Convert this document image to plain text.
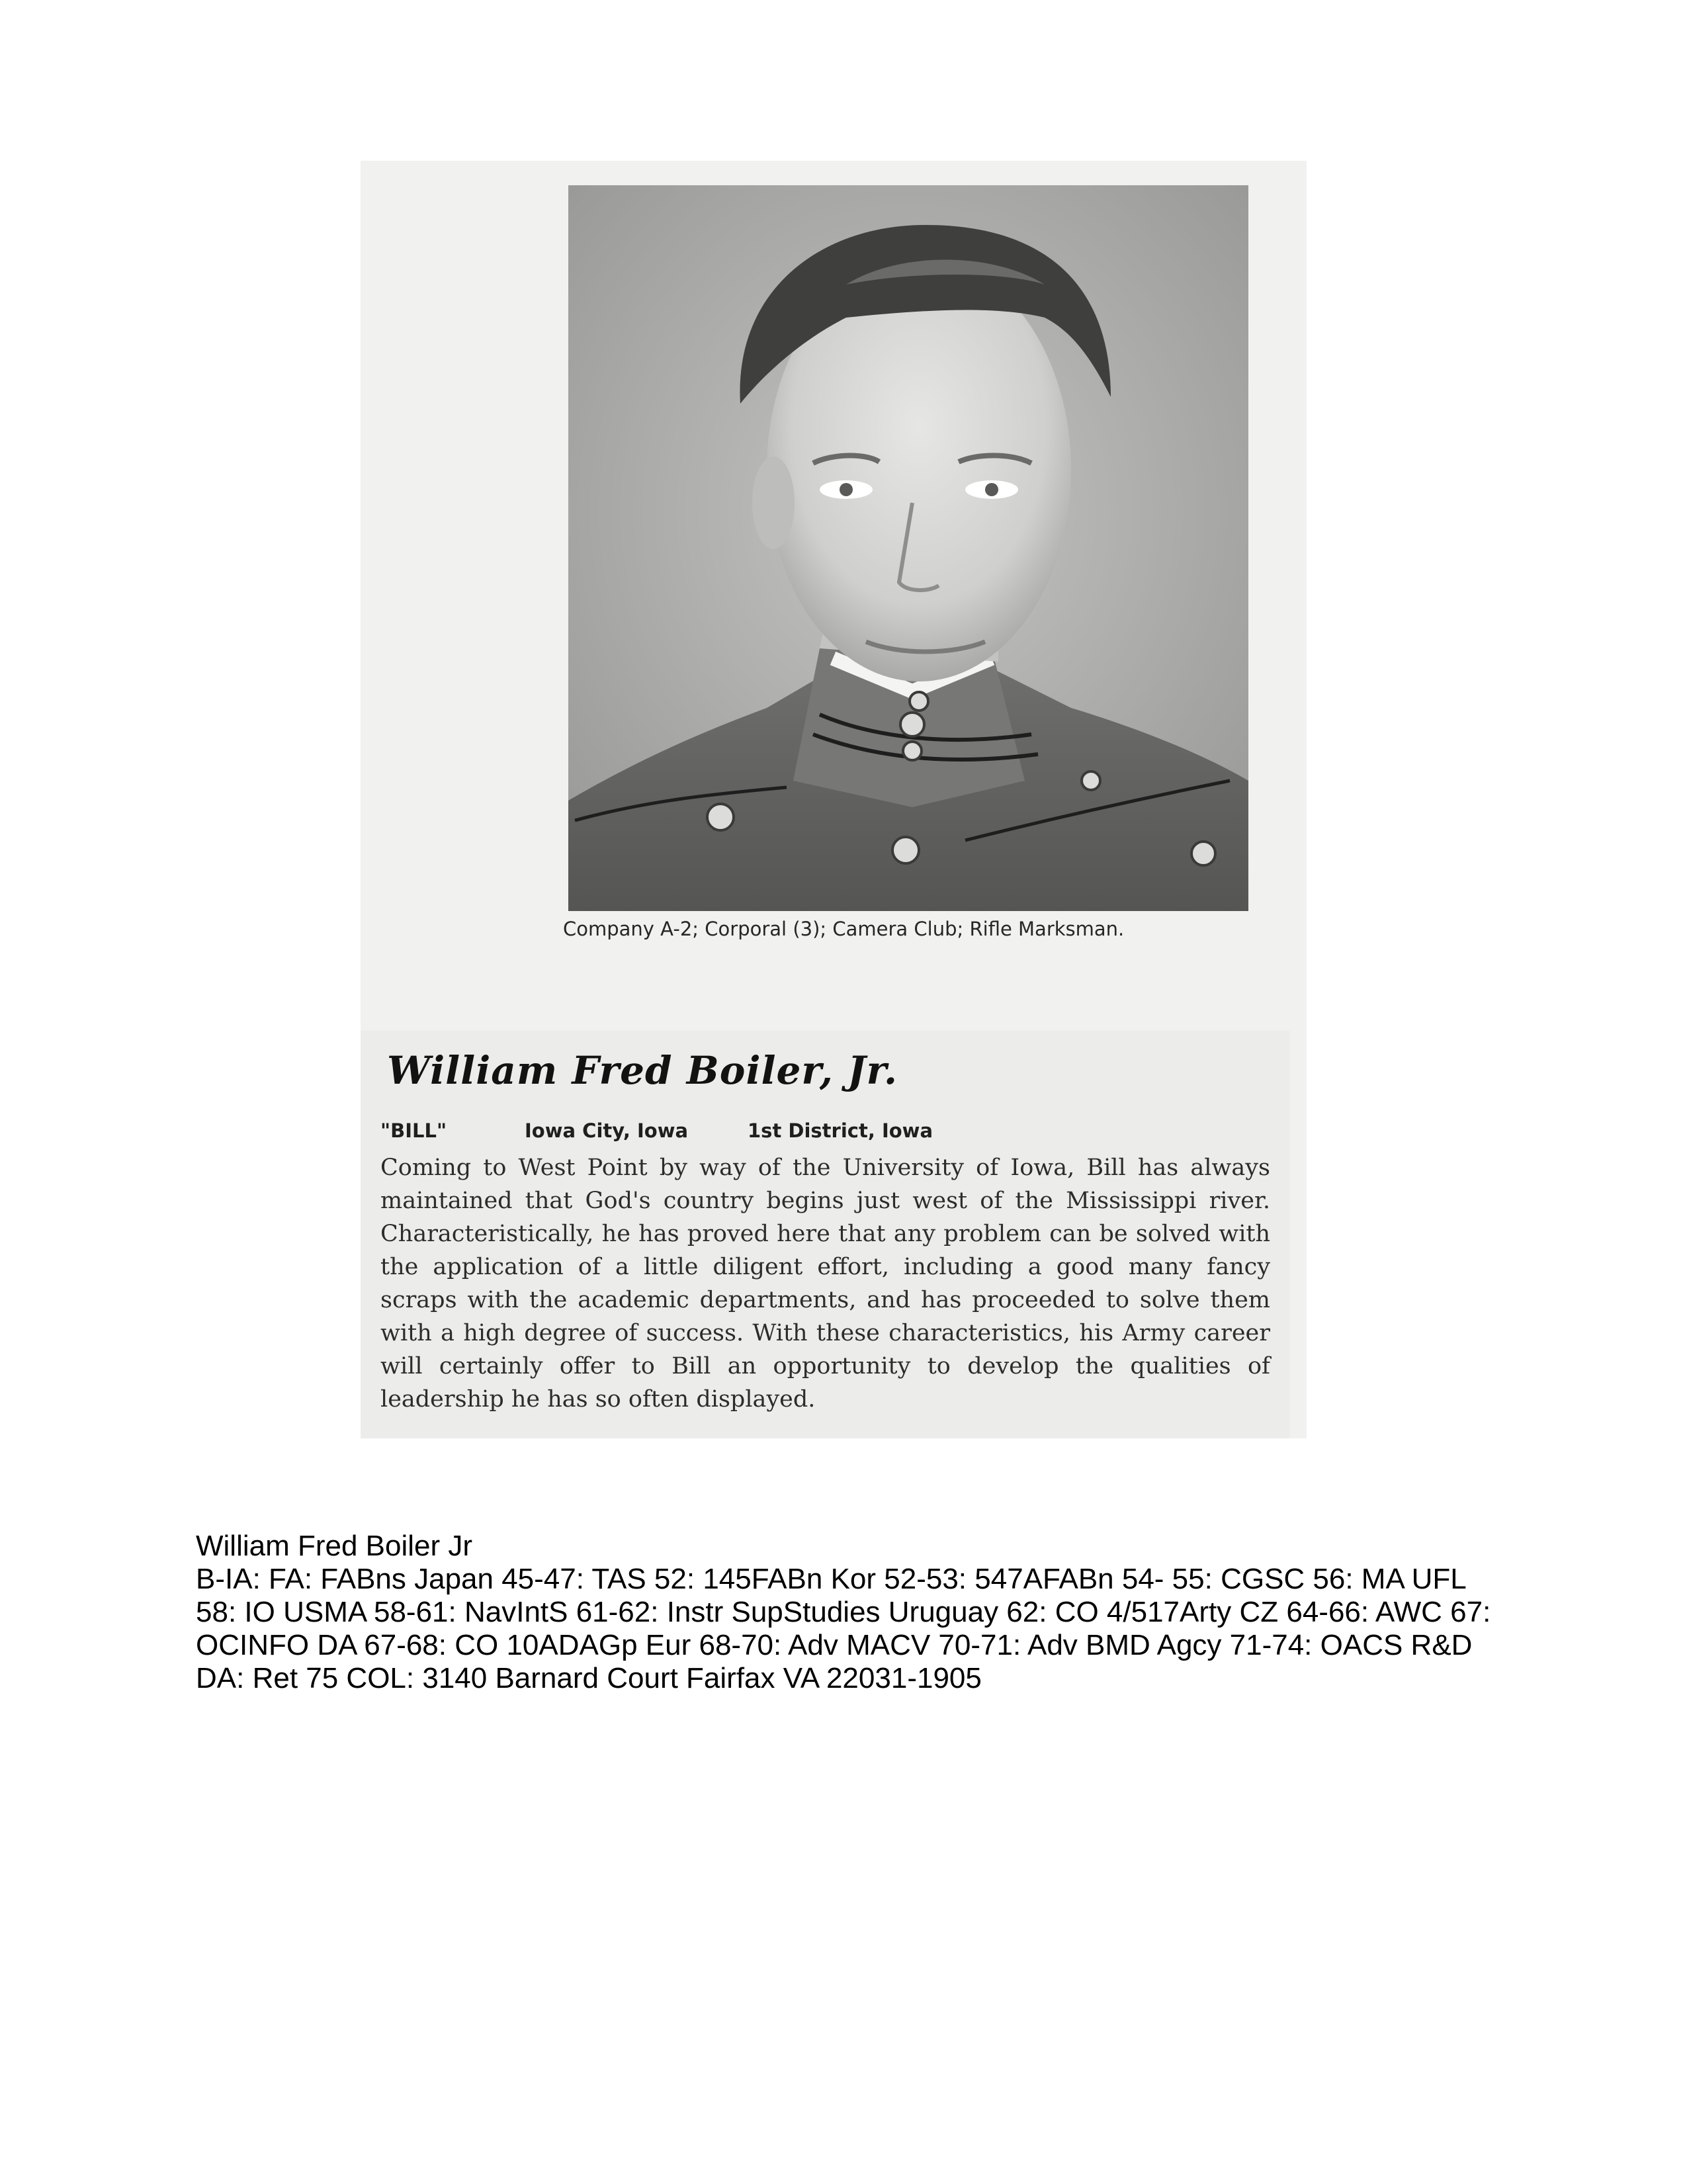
Company A-2; Corporal (3); Camera Club; Rifle Marksman.
William Fred Boiler, Jr.
"BILL"	Iowa City, Iowa	1st District, Iowa
Coming to West Point by way of the University of Iowa, Bill has always maintained that God's country begins just west of the Mississippi river. Characteristically, he has proved here that any problem can be solved with the application of a little diligent effort, including a good many fancy scraps with the academic departments, and has proceeded to solve them with a high degree of success. With these characteristics, his Army career will certainly offer to Bill an opportunity to develop the qualities of leadership he has so often displayed.
William Fred Boiler Jr
B-IA: FA: FABns Japan 45-47: TAS 52: 145FABn Kor 52-53: 547AFABn 54- 55: CGSC 56: MA UFL 58: IO USMA 58-61: NavIntS 61-62: Instr SupStudies Uruguay 62: CO 4/517Arty CZ 64-66: AWC 67: OCINFO DA 67-68: CO 10ADAGp Eur 68-70: Adv MACV 70-71: Adv BMD Agcy 71-74: OACS R&D DA: Ret 75 COL: 3140 Barnard Court Fairfax VA 22031-1905
